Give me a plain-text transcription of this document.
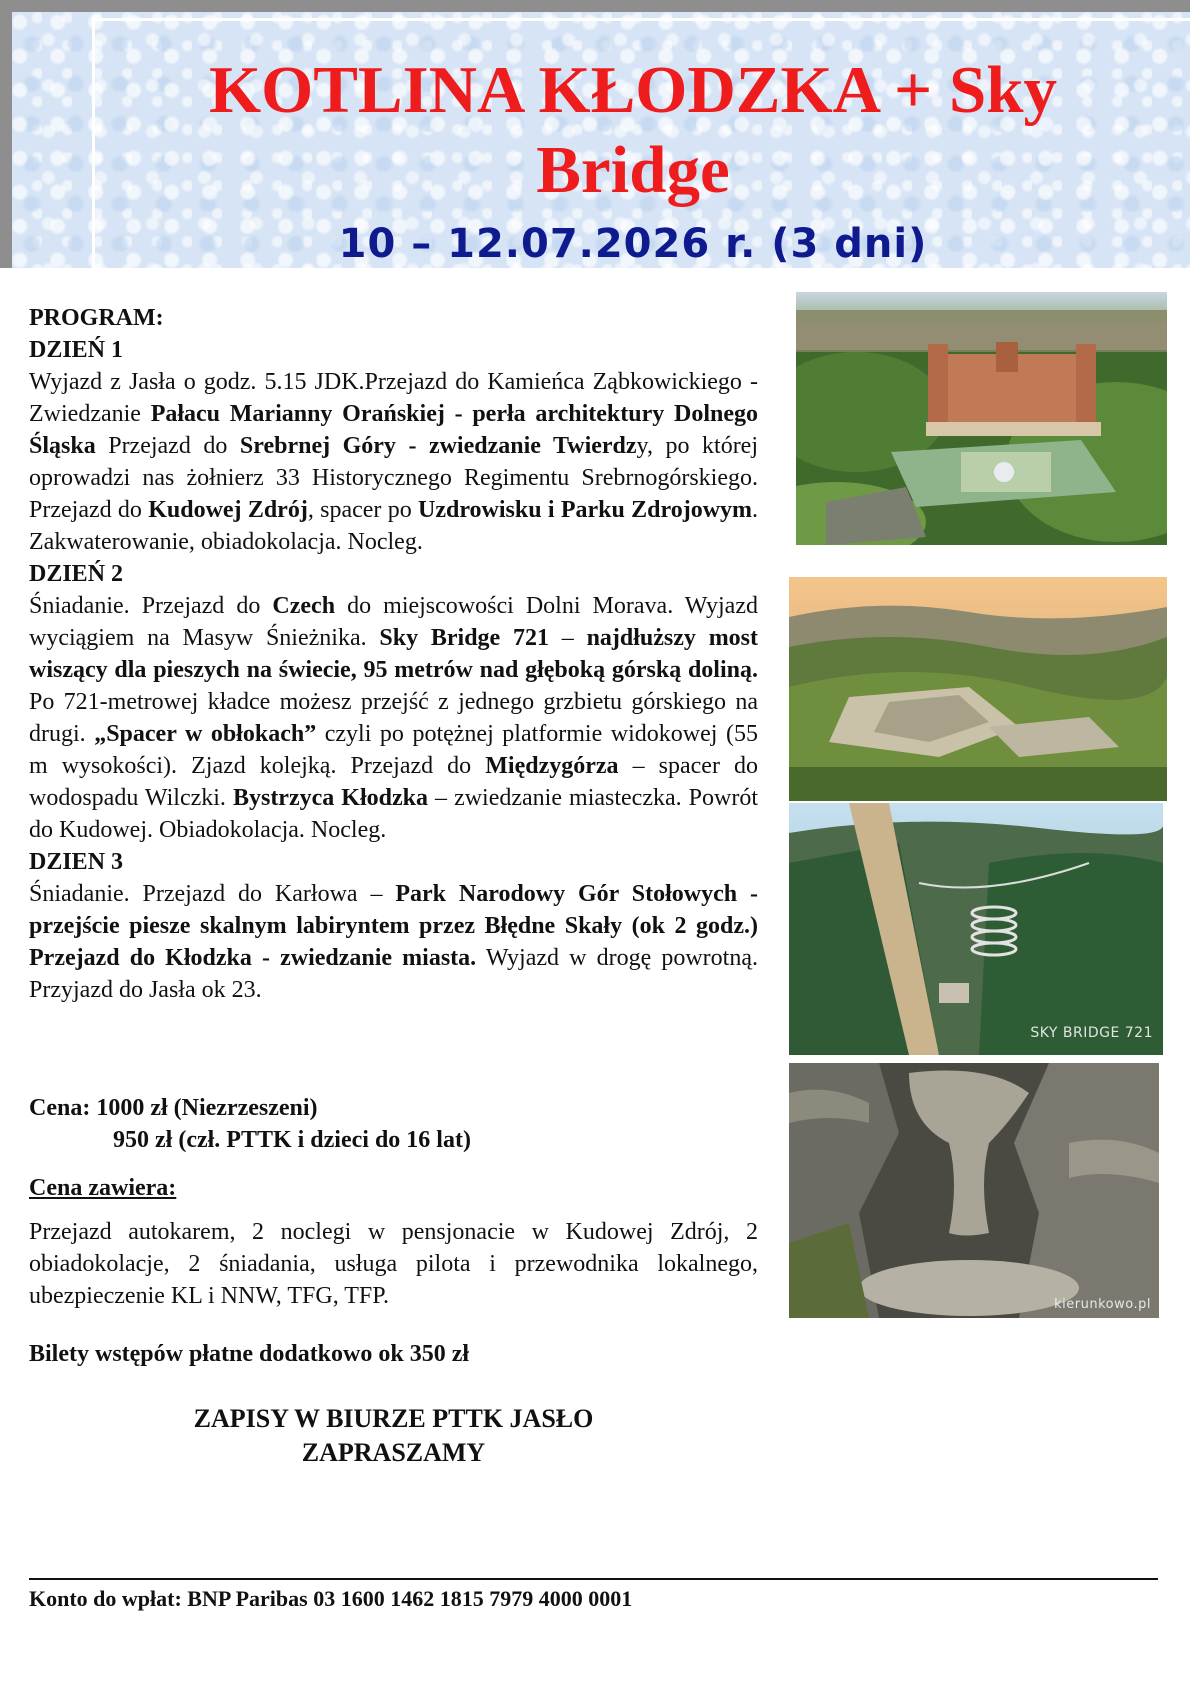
KOTLINA KŁODZKA + Sky
Bridge
10 – 12.07.2026 r. (3 dni)

PROGRAM:

DZIEŃ 1

Wyjazd z Jasła o godz. 5.15 JDK.Przejazd do Kamieńca Ząbkowickiego - Zwiedzanie Pałacu Marianny Orańskiej - perła architektury Dolnego Śląska Przejazd do Srebrnej Góry - zwiedzanie Twierdzy, po której oprowadzi nas żołnierz 33 Historycznego Regimentu Srebrnogórskiego. Przejazd do Kudowej Zdrój, spacer po Uzdrowisku i Parku Zdrojowym. Zakwaterowanie, obiadokolacja. Nocleg.

DZIEŃ 2

Śniadanie. Przejazd do Czech do miejscowości Dolni Morava. Wyjazd wyciągiem na Masyw Śnieżnika. Sky Bridge 721 – najdłuższy most wiszący dla pieszych na świecie, 95 metrów nad głęboką górską doliną. Po 721-metrowej kładce możesz przejść z jednego grzbietu górskiego na drugi. „Spacer w obłokach” czyli po potężnej platformie widokowej (55 m wysokości). Zjazd kolejką. Przejazd do Międzygórza – spacer do wodospadu Wilczki. Bystrzyca Kłodzka – zwiedzanie miasteczka. Powrót do Kudowej. Obiadokolacja. Nocleg.

DZIEN 3

Śniadanie. Przejazd do Karłowa – Park Narodowy Gór Stołowych - przejście piesze skalnym labiryntem przez Błędne Skały (ok 2 godz.) Przejazd do Kłodzka - zwiedzanie miasta. Wyjazd w drogę powrotną. Przyjazd do Jasła ok 23.

Cena: 1000 zł (Niezrzeszeni)
950 zł (czł. PTTK i dzieci do 16 lat)
Cena zawiera:
Przejazd autokarem, 2 noclegi w pensjonacie w Kudowej Zdrój, 2 obiadokolacje, 2 śniadania, usługa pilota i przewodnika lokalnego, ubezpieczenie KL i NNW, TFG, TFP.
Bilety wstępów płatne dodatkowo ok 350 zł
ZAPISY W BIURZE PTTK JASŁO
ZAPRASZAMY
Konto do wpłat: BNP Paribas 03 1600 1462 1815 7979 4000 0001
SKY BRIDGE 721
kierunkowo.pl
